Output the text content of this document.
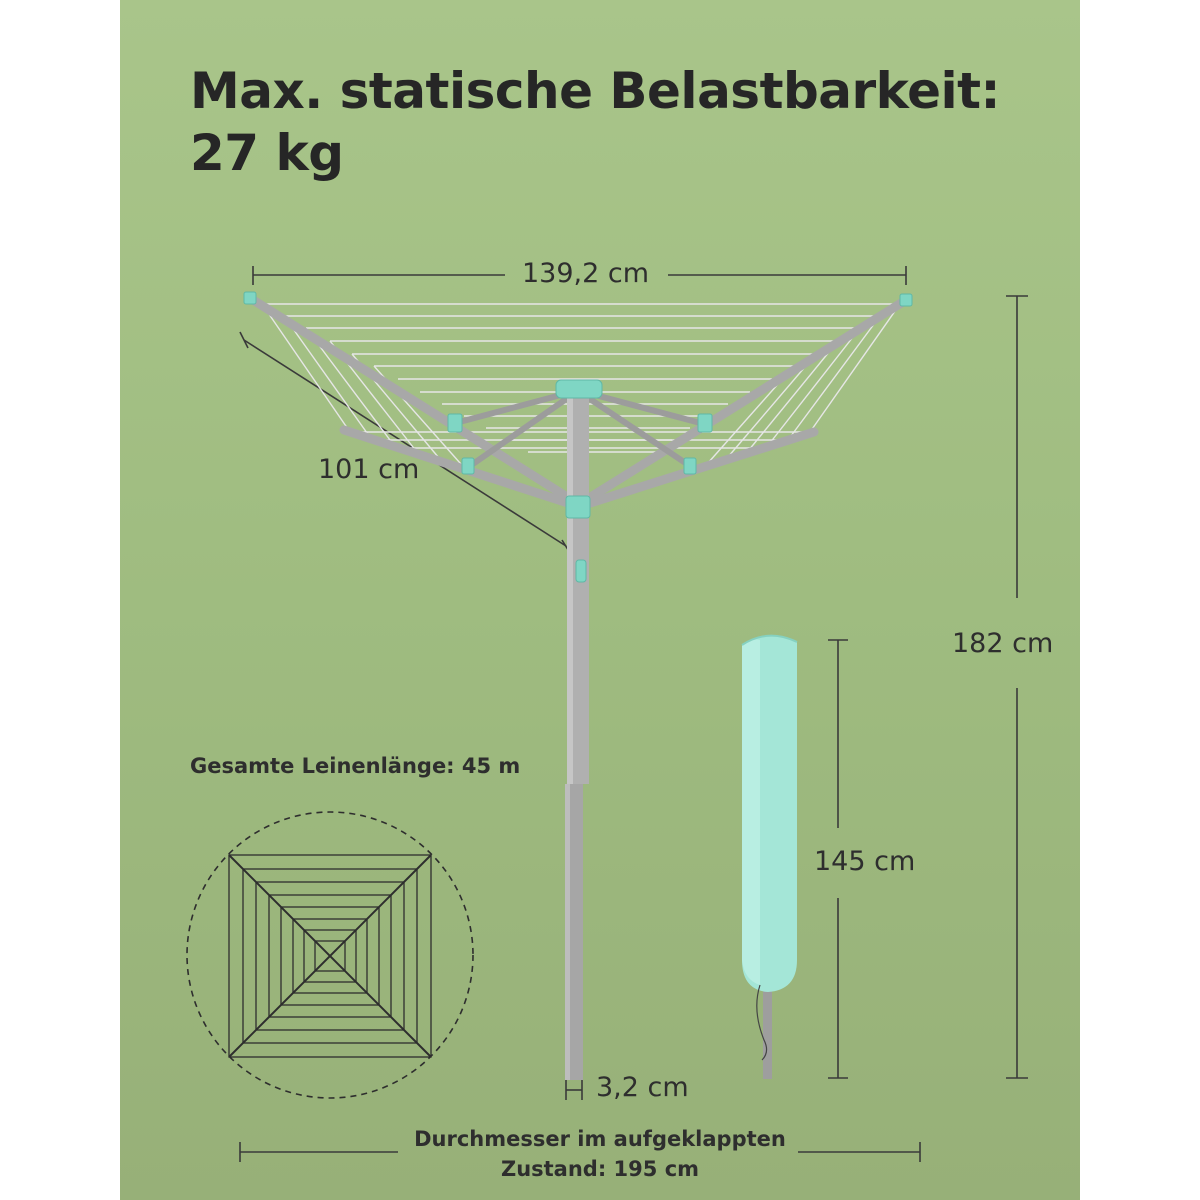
Max. statische Belastbarkeit:
27 kg
139,2 cm
101 cm
182 cm
145 cm
3,2 cm
Gesamte Leinenlänge: 45 m
Durchmesser im aufgeklappten
Zustand: 195 cm
